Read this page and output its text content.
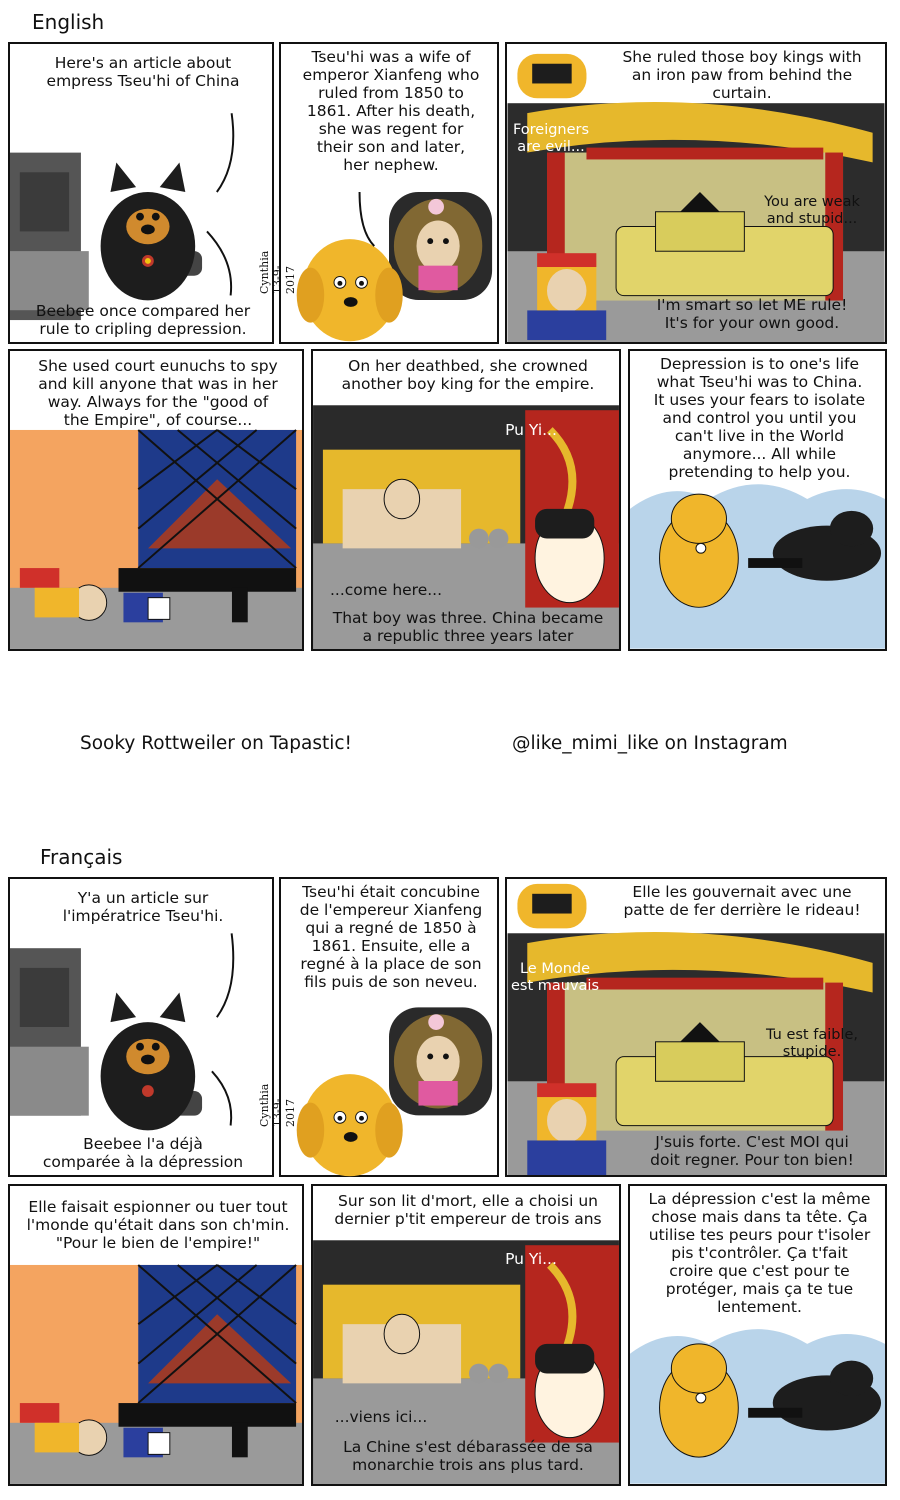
English
Here's an article about
empress Tseu'hi of China
Beebee once compared her
rule to cripling depression.
Cynthia 13-9-2017
Tseu'hi was a wife of
emperor Xianfeng who
ruled from 1850 to
1861. After his death,
she was regent for
their son and later,
her nephew.
She ruled those boy kings with
an iron paw from behind the
curtain.
Foreigners
are evil...
You are weak
and stupid...
I'm smart so let ME rule!
It's for your own good.
She used court eunuchs to spy
and kill anyone that was in her
way. Always for the "good of
the Empire", of course...
On her deathbed, she crowned
another boy king for the empire.
Pu Yi...
...come here...
That boy was three. China became
a republic three years later
Depression is to one's life
what Tseu'hi was to China.
It uses your fears to isolate
and control you until you
can't live in the World
anymore... All while
pretending to help you.
Sooky Rottweiler on Tapastic!	@like_mimi_like on Instagram
Français
Y'a un article sur
l'impératrice Tseu'hi.
Beebee l'a déjà
comparée à la dépression
Cynthia 13-9-2017
Tseu'hi était concubine
de l'empereur Xianfeng
qui a regné de 1850 à
1861. Ensuite, elle a
regné à la place de son
fils puis de son neveu.
Elle les gouvernait avec une
patte de fer derrière le rideau!
Le Monde
est mauvais
Tu est faible,
stupide.
J'suis forte. C'est MOI qui
doit regner. Pour ton bien!
Elle faisait espionner ou tuer tout
l'monde qu'était dans son ch'min.
"Pour le bien de l'empire!"
Sur son lit d'mort, elle a choisi un
dernier p'tit empereur de trois ans
Pu Yi...
...viens ici...
La Chine s'est débarassée de sa
monarchie trois ans plus tard.
La dépression c'est la même
chose mais dans ta tête. Ça
utilise tes peurs pour t'isoler
pis t'contrôler. Ça t'fait
croire que c'est pour te
protéger, mais ça te tue
lentement.
